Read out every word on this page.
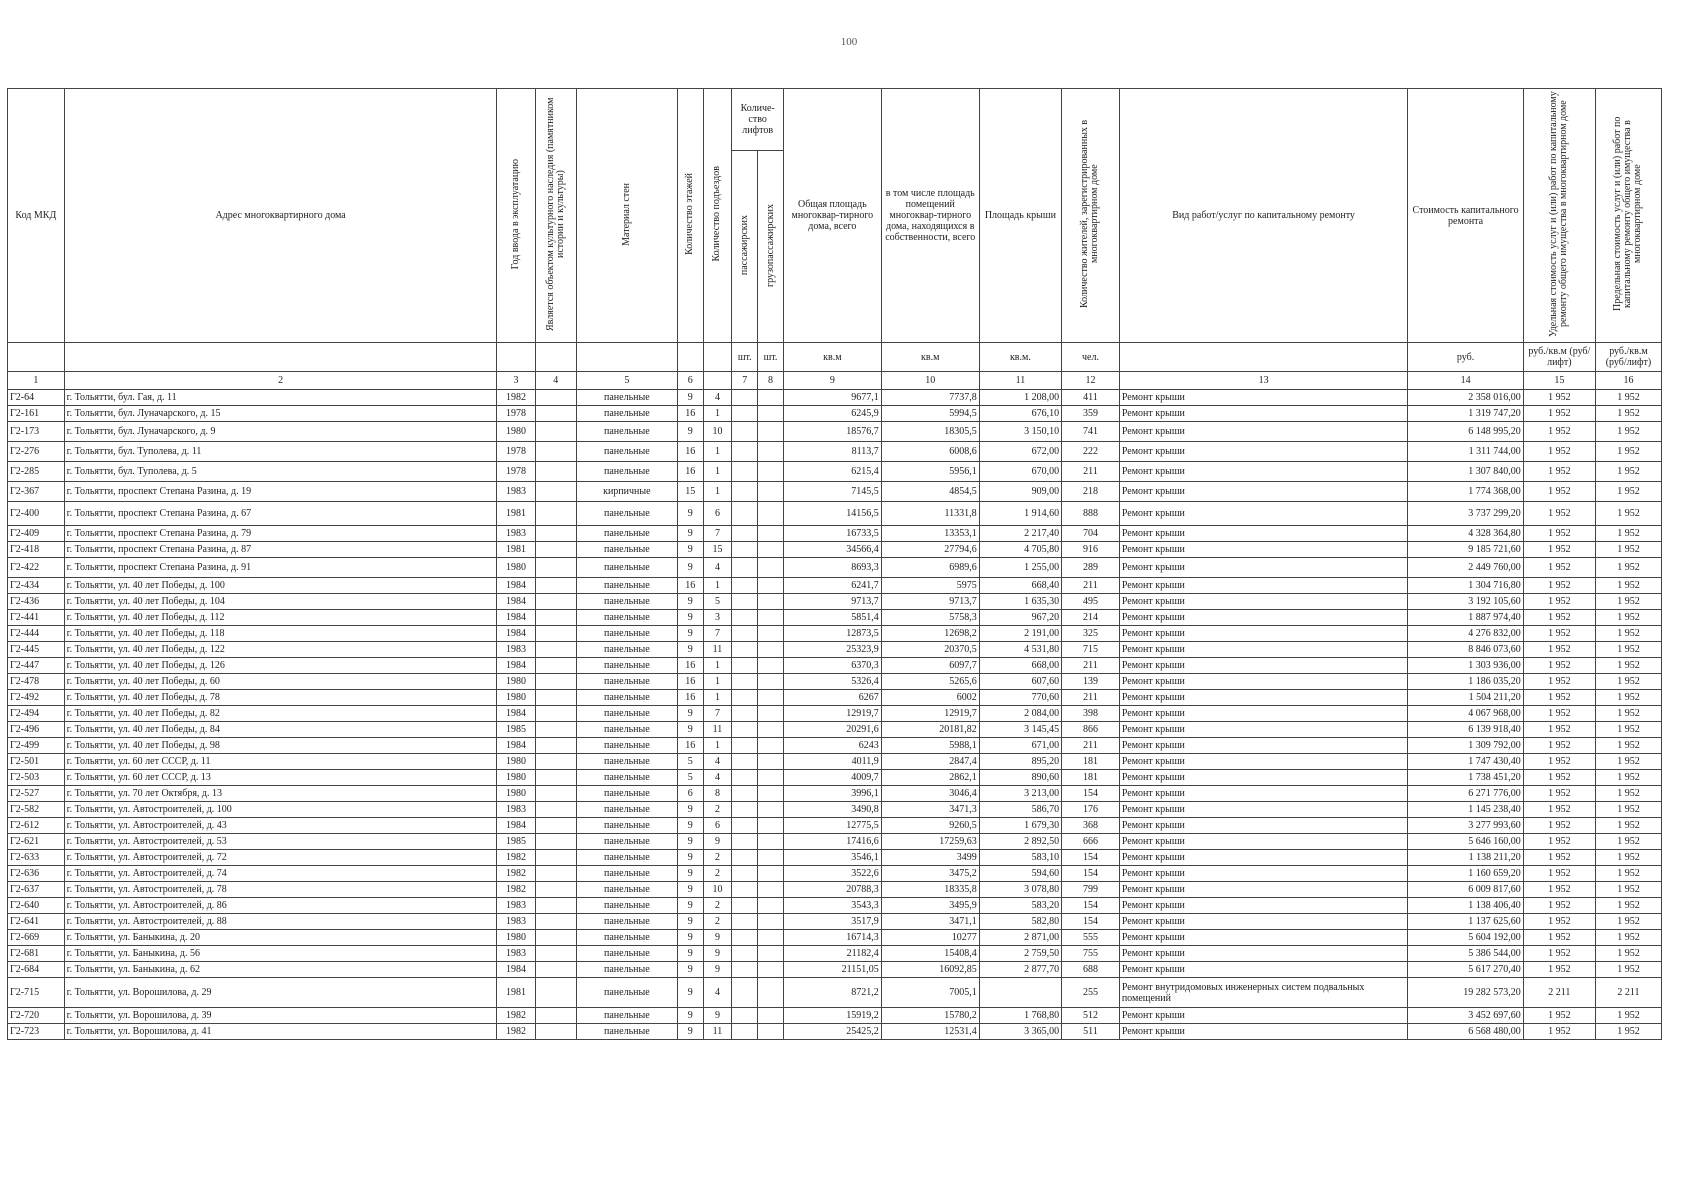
100
Код МКД	Адрес многоквартирного дома	Год ввода в эксплуатацию	Является объектом культурного наследия (памятником истории и культуры)	Материал стен	Количество этажей	Количество подъездов	Количе-ство лифтов		Общая площадь многоквар-тирного дома, всего	в том числе площадь помещений многоквар-тирного дома, находящихся в собственности, всего	Площадь крыши	Количество жителей, зарегистрированных в многоквартирном доме	Вид работ/услуг по капитальному ремонту	Стоимость капитального ремонта	Удельная стоимость услуг и (или) работ по капитальному ремонту общего имущества в многоквартирном доме	Предельная стоимость услуг и (или) работ по капитальному ремонту общего имущества в многоквартирном доме
							пассажирских	грузопассажирских								
							шт.	шт.	кв.м	кв.м	кв.м.	чел.		руб.	руб./кв.м (руб/лифт)	руб./кв.м (руб/лифт)
1	2	3	4	5	6		7	8	9	10	11	12	13	14	15	16
Г2-64	г. Тольятти, бул. Гая, д. 11	1982		панельные	9	4			9677,1	7737,8	1 208,00	411	Ремонт крыши	2 358 016,00	1 952	1 952
Г2-161	г. Тольятти, бул. Луначарского, д. 15	1978		панельные	16	1			6245,9	5994,5	676,10	359	Ремонт крыши	1 319 747,20	1 952	1 952
Г2-173	г. Тольятти, бул. Луначарского, д. 9	1980		панельные	9	10			18576,7	18305,5	3 150,10	741	Ремонт крыши	6 148 995,20	1 952	1 952
Г2-276	г. Тольятти, бул. Туполева, д. 11	1978		панельные	16	1			8113,7	6008,6	672,00	222	Ремонт крыши	1 311 744,00	1 952	1 952
Г2-285	г. Тольятти, бул. Туполева, д. 5	1978		панельные	16	1			6215,4	5956,1	670,00	211	Ремонт крыши	1 307 840,00	1 952	1 952
Г2-367	г. Тольятти, проспект Степана Разина, д. 19	1983		кирпичные	15	1			7145,5	4854,5	909,00	218	Ремонт крыши	1 774 368,00	1 952	1 952
Г2-400	г. Тольятти, проспект Степана Разина, д. 67	1981		панельные	9	6			14156,5	11331,8	1 914,60	888	Ремонт крыши	3 737 299,20	1 952	1 952
Г2-409	г. Тольятти, проспект Степана Разина, д. 79	1983		панельные	9	7			16733,5	13353,1	2 217,40	704	Ремонт крыши	4 328 364,80	1 952	1 952
Г2-418	г. Тольятти, проспект Степана Разина, д. 87	1981		панельные	9	15			34566,4	27794,6	4 705,80	916	Ремонт крыши	9 185 721,60	1 952	1 952
Г2-422	г. Тольятти, проспект Степана Разина, д. 91	1980		панельные	9	4			8693,3	6989,6	1 255,00	289	Ремонт крыши	2 449 760,00	1 952	1 952
Г2-434	г. Тольятти, ул. 40 лет Победы, д. 100	1984		панельные	16	1			6241,7	5975	668,40	211	Ремонт крыши	1 304 716,80	1 952	1 952
Г2-436	г. Тольятти, ул. 40 лет Победы, д. 104	1984		панельные	9	5			9713,7	9713,7	1 635,30	495	Ремонт крыши	3 192 105,60	1 952	1 952
Г2-441	г. Тольятти, ул. 40 лет Победы, д. 112	1984		панельные	9	3			5851,4	5758,3	967,20	214	Ремонт крыши	1 887 974,40	1 952	1 952
Г2-444	г. Тольятти, ул. 40 лет Победы, д. 118	1984		панельные	9	7			12873,5	12698,2	2 191,00	325	Ремонт крыши	4 276 832,00	1 952	1 952
Г2-445	г. Тольятти, ул. 40 лет Победы, д. 122	1983		панельные	9	11			25323,9	20370,5	4 531,80	715	Ремонт крыши	8 846 073,60	1 952	1 952
Г2-447	г. Тольятти, ул. 40 лет Победы, д. 126	1984		панельные	16	1			6370,3	6097,7	668,00	211	Ремонт крыши	1 303 936,00	1 952	1 952
Г2-478	г. Тольятти, ул. 40 лет Победы, д. 60	1980		панельные	16	1			5326,4	5265,6	607,60	139	Ремонт крыши	1 186 035,20	1 952	1 952
Г2-492	г. Тольятти, ул. 40 лет Победы, д. 78	1980		панельные	16	1			6267	6002	770,60	211	Ремонт крыши	1 504 211,20	1 952	1 952
Г2-494	г. Тольятти, ул. 40 лет Победы, д. 82	1984		панельные	9	7			12919,7	12919,7	2 084,00	398	Ремонт крыши	4 067 968,00	1 952	1 952
Г2-496	г. Тольятти, ул. 40 лет Победы, д. 84	1985		панельные	9	11			20291,6	20181,82	3 145,45	866	Ремонт крыши	6 139 918,40	1 952	1 952
Г2-499	г. Тольятти, ул. 40 лет Победы, д. 98	1984		панельные	16	1			6243	5988,1	671,00	211	Ремонт крыши	1 309 792,00	1 952	1 952
Г2-501	г. Тольятти, ул. 60 лет СССР, д. 11	1980		панельные	5	4			4011,9	2847,4	895,20	181	Ремонт крыши	1 747 430,40	1 952	1 952
Г2-503	г. Тольятти, ул. 60 лет СССР, д. 13	1980		панельные	5	4			4009,7	2862,1	890,60	181	Ремонт крыши	1 738 451,20	1 952	1 952
Г2-527	г. Тольятти, ул. 70 лет Октября, д. 13	1980		панельные	6	8			3996,1	3046,4	3 213,00	154	Ремонт крыши	6 271 776,00	1 952	1 952
Г2-582	г. Тольятти, ул. Автостроителей, д. 100	1983		панельные	9	2			3490,8	3471,3	586,70	176	Ремонт крыши	1 145 238,40	1 952	1 952
Г2-612	г. Тольятти, ул. Автостроителей, д. 43	1984		панельные	9	6			12775,5	9260,5	1 679,30	368	Ремонт крыши	3 277 993,60	1 952	1 952
Г2-621	г. Тольятти, ул. Автостроителей, д. 53	1985		панельные	9	9			17416,6	17259,63	2 892,50	666	Ремонт крыши	5 646 160,00	1 952	1 952
Г2-633	г. Тольятти, ул. Автостроителей, д. 72	1982		панельные	9	2			3546,1	3499	583,10	154	Ремонт крыши	1 138 211,20	1 952	1 952
Г2-636	г. Тольятти, ул. Автостроителей, д. 74	1982		панельные	9	2			3522,6	3475,2	594,60	154	Ремонт крыши	1 160 659,20	1 952	1 952
Г2-637	г. Тольятти, ул. Автостроителей, д. 78	1982		панельные	9	10			20788,3	18335,8	3 078,80	799	Ремонт крыши	6 009 817,60	1 952	1 952
Г2-640	г. Тольятти, ул. Автостроителей, д. 86	1983		панельные	9	2			3543,3	3495,9	583,20	154	Ремонт крыши	1 138 406,40	1 952	1 952
Г2-641	г. Тольятти, ул. Автостроителей, д. 88	1983		панельные	9	2			3517,9	3471,1	582,80	154	Ремонт крыши	1 137 625,60	1 952	1 952
Г2-669	г. Тольятти, ул. Баныкина, д. 20	1980		панельные	9	9			16714,3	10277	2 871,00	555	Ремонт крыши	5 604 192,00	1 952	1 952
Г2-681	г. Тольятти, ул. Баныкина, д. 56	1983		панельные	9	9			21182,4	15408,4	2 759,50	755	Ремонт крыши	5 386 544,00	1 952	1 952
Г2-684	г. Тольятти, ул. Баныкина, д. 62	1984		панельные	9	9			21151,05	16092,85	2 877,70	688	Ремонт крыши	5 617 270,40	1 952	1 952
Г2-715	г. Тольятти, ул. Ворошилова, д. 29	1981		панельные	9	4			8721,2	7005,1		255	Ремонт внутридомовых инженерных систем подвальных помещений	19 282 573,20	2 211	2 211
Г2-720	г. Тольятти, ул. Ворошилова, д. 39	1982		панельные	9	9			15919,2	15780,2	1 768,80	512	Ремонт крыши	3 452 697,60	1 952	1 952
Г2-723	г. Тольятти, ул. Ворошилова, д. 41	1982		панельные	9	11			25425,2	12531,4	3 365,00	511	Ремонт крыши	6 568 480,00	1 952	1 952
